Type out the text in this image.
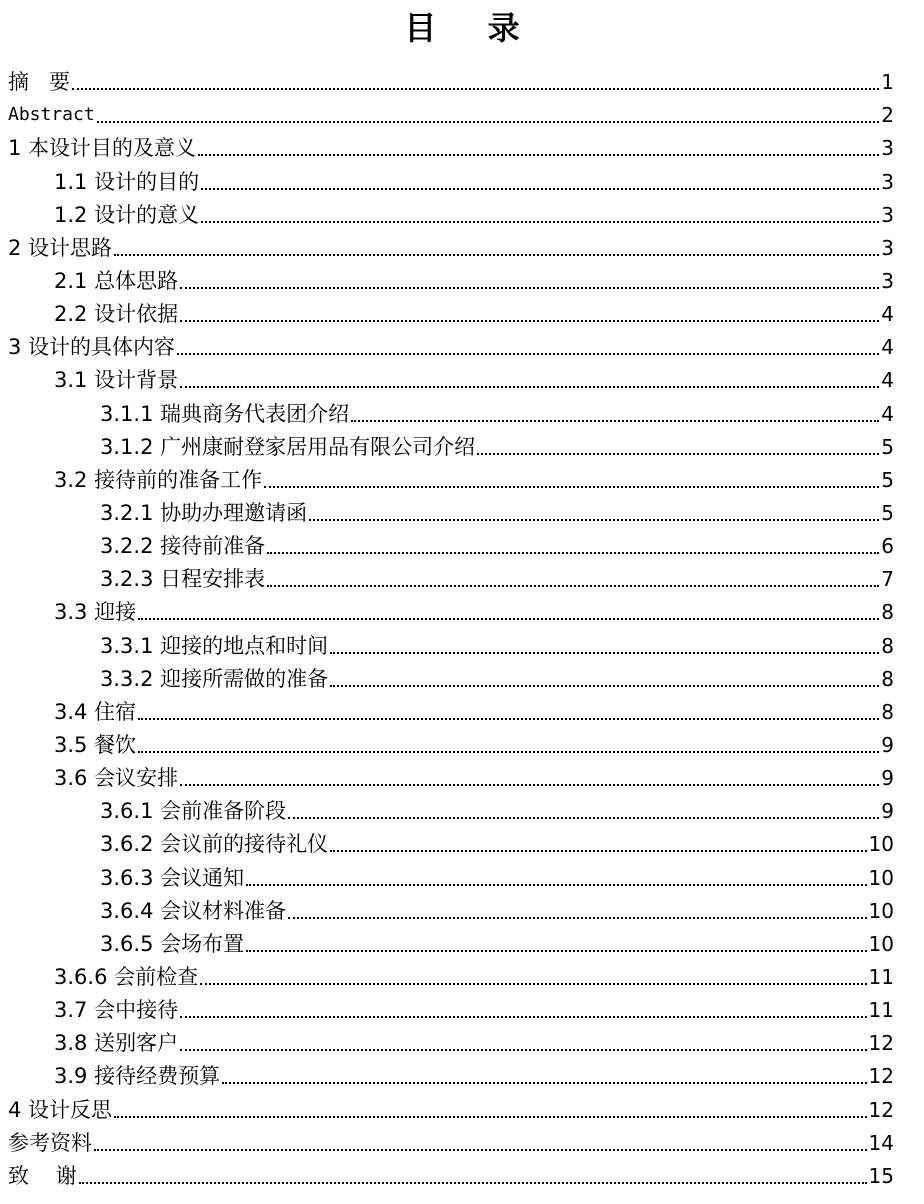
目 录
摘   要	1
Abstract	2
1 本设计目的及意义	3
1.1 设计的目的	3
1.2 设计的意义	3
2 设计思路	3
2.1 总体思路	3
2.2 设计依据	4
3 设计的具体内容	4
3.1 设计背景	4
3.1.1 瑞典商务代表团介绍	4
3.1.2 广州康耐登家居用品有限公司介绍	5
3.2 接待前的准备工作	5
3.2.1 协助办理邀请函	5
3.2.2 接待前准备	6
3.2.3 日程安排表	7
3.3 迎接	8
3.3.1 迎接的地点和时间	8
3.3.2 迎接所需做的准备	8
3.4 住宿	8
3.5 餐饮	9
3.6 会议安排	9
3.6.1 会前准备阶段	9
3.6.2 会议前的接待礼仪	10
3.6.3 会议通知	10
3.6.4 会议材料准备	10
3.6.5 会场布置	10
3.6.6 会前检查	11
3.7 会中接待	11
3.8 送别客户	12
3.9 接待经费预算	12
4 设计反思	12
参考资料	14
致    谢	15
